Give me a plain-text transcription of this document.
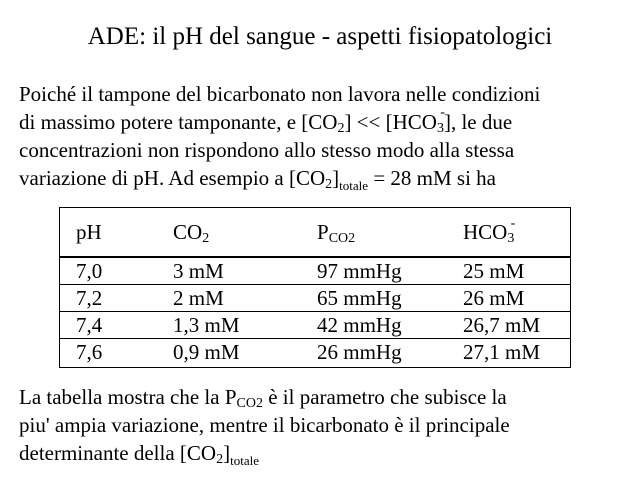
ADE: il pH del sangue - aspetti fisiopatologici
Poiché il tampone del bicarbonato non lavora nelle condizioni
di massimo potere tamponante, e $[CO_2] << [HCO_3$
- ], le due
concentrazioni non rispondono allo stesso modo alla stessa
variazione di pH. Ad esempio a $[CO_2]_{totale} = 28$ mM si ha
pH	$CO_2$	$P_{CO2}$	$HCO_3$
-
7,0	3 mM	97 mmHg	25 mM
7,2	2 mM	65 mmHg	26 mM
7,4	1,3 mM	42 mmHg	26,7 mM
7,6	0,9 mM	26 mmHg	27,1 mM
La tabella mostra che la $P_{CO2}$ è il parametro che subisce la
piu' ampia variazione, mentre il bicarbonato è il principale
determinante della $[CO_2]_{totale}$
